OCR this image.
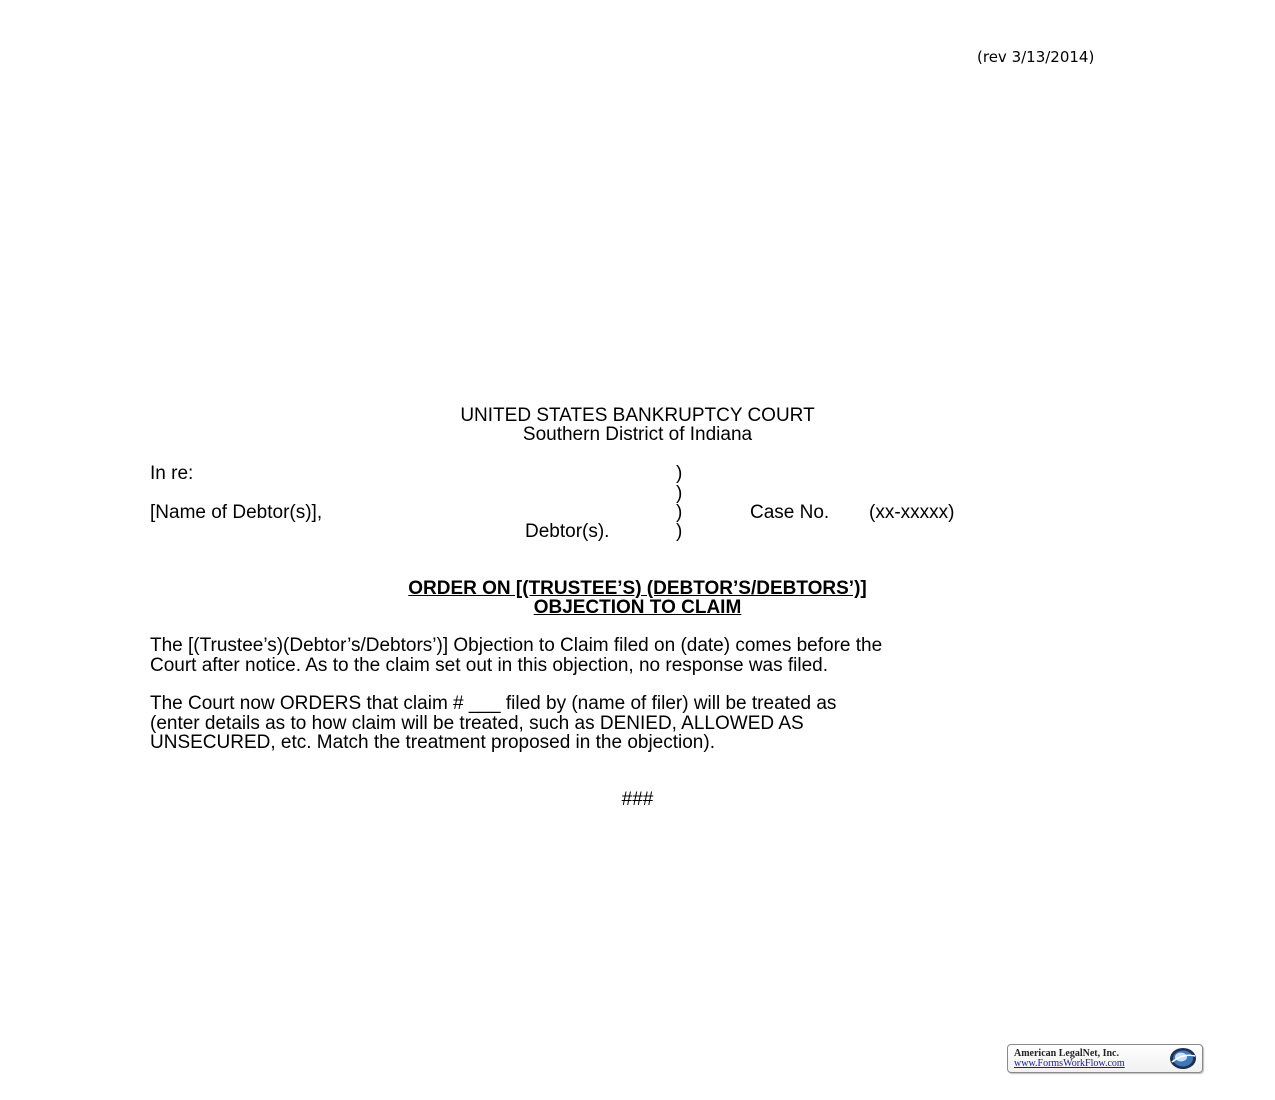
(rev 3/13/2014)
UNITED STATES BANKRUPTCY COURT
Southern District of Indiana
In re:
[Name of Debtor(s)],
Debtor(s).
)
)
)
)
Case No. (xx-xxxxx)
ORDER ON [(TRUSTEE’S) (DEBTOR’S/DEBTORS’)]
OBJECTION TO CLAIM
The [(Trustee’s)(Debtor’s/Debtors’)] Objection to Claim filed on (date) comes before the
Court after notice. As to the claim set out in this objection, no response was filed.
The Court now ORDERS that claim # ___ filed by (name of filer) will be treated as
(enter details as to how claim will be treated, such as DENIED, ALLOWED AS
UNSECURED, etc. Match the treatment proposed in the objection).
###
American LegalNet, Inc.
www.FormsWorkFlow.com
